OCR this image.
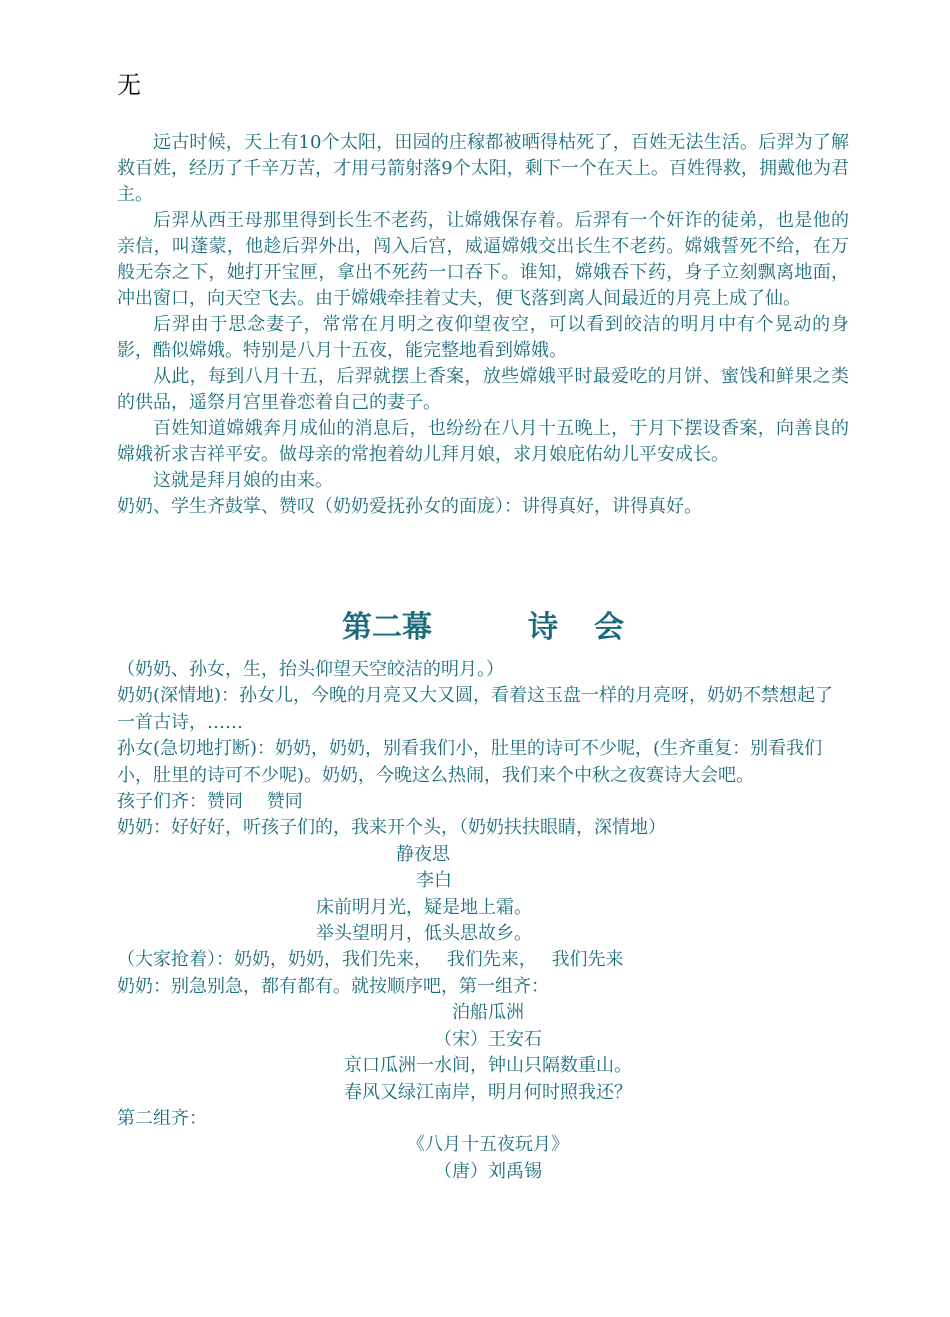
无

远古时候，天上有10个太阳，田园的庄稼都被晒得枯死了，百姓无法生活。后羿为了解救百姓，经历了千辛万苦，才用弓箭射落9个太阳，剩下一个在天上。百姓得救，拥戴他为君主。

后羿从西王母那里得到长生不老药，让嫦娥保存着。后羿有一个奸诈的徒弟，也是他的亲信，叫蓬蒙，他趁后羿外出，闯入后宫，威逼嫦娥交出长生不老药。嫦娥誓死不给，在万般无奈之下，她打开宝匣，拿出不死药一口吞下。谁知，嫦娥吞下药，身子立刻飘离地面，冲出窗口，向天空飞去。由于嫦娥牵挂着丈夫，便飞落到离人间最近的月亮上成了仙。

后羿由于思念妻子，常常在月明之夜仰望夜空，可以看到皎洁的明月中有个晃动的身影，酷似嫦娥。特别是八月十五夜，能完整地看到嫦娥。

从此，每到八月十五，后羿就摆上香案，放些嫦娥平时最爱吃的月饼、蜜饯和鲜果之类的供品，遥祭月宫里眷恋着自己的妻子。

百姓知道嫦娥奔月成仙的消息后，也纷纷在八月十五晚上，于月下摆设香案，向善良的嫦娥祈求吉祥平安。做母亲的常抱着幼儿拜月娘，求月娘庇佑幼儿平安成长。

这就是拜月娘的由来。

奶奶、学生齐鼓掌、赞叹（奶奶爱抚孙女的面庞）：讲得真好，讲得真好。

第二幕	诗 会

（奶奶、孙女，生，抬头仰望天空皎洁的明月。）

奶奶(深情地)：孙女儿，今晚的月亮又大又圆，看着这玉盘一样的月亮呀，奶奶不禁想起了一首古诗，……

孙女(急切地打断)：奶奶，奶奶，别看我们小，肚里的诗可不少呢，(生齐重复：别看我们小，肚里的诗可不少呢)。奶奶，今晚这么热闹，我们来个中秋之夜赛诗大会吧。

孩子们齐：赞同　 赞同

奶奶：好好好，听孩子们的，我来开个头，（奶奶扶扶眼睛，深情地）

静夜思

李白

床前明月光，疑是地上霜。

举头望明月，低头思故乡。

（大家抢着）：奶奶，奶奶，我们先来，　 我们先来，　 我们先来

奶奶：别急别急，都有都有。就按顺序吧，第一组齐：

泊船瓜洲

（宋）王安石

京口瓜洲一水间，钟山只隔数重山。

春风又绿江南岸，明月何时照我还？

第二组齐：

《八月十五夜玩月》

（唐）刘禹锡
